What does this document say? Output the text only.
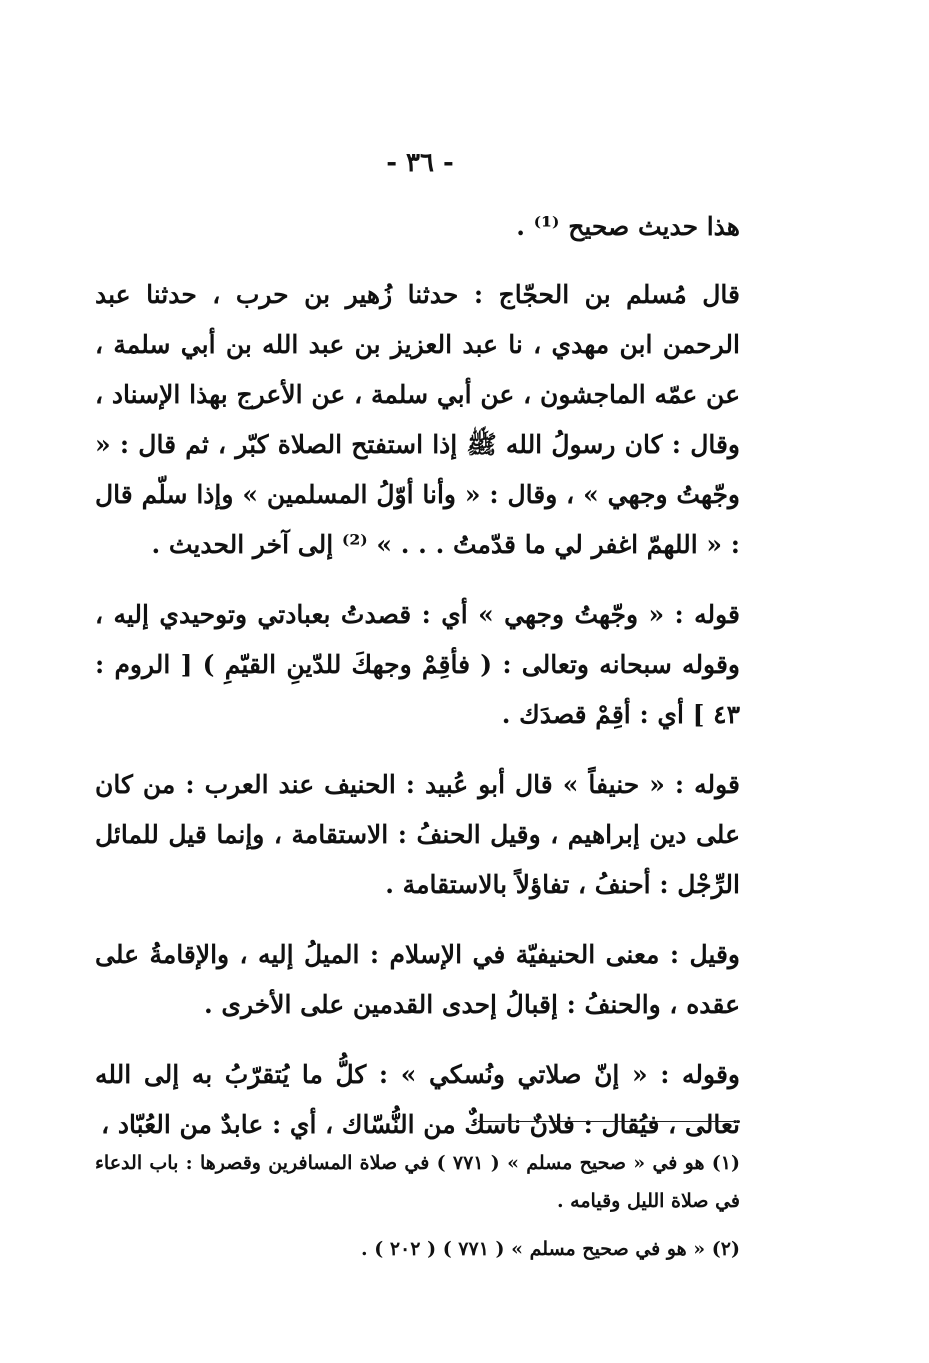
- ٣٦ -

هذا حديث صحيح ⁽¹⁾ .

قال مُسلم بن الحجّاج : حدثنا زُهير بن حرب ، حدثنا عبد الرحمن ابن مهدي ، نا عبد العزيز بن عبد الله بن أبي سلمة ، عن عمّه الماجشون ، عن أبي سلمة ، عن الأعرج بهذا الإسناد ، وقال : كان رسولُ الله ﷺ إذا استفتح الصلاة كبّر ، ثم قال : « وجّهتُ وجهي » ، وقال : « وأنا أوّلُ المسلمين » وإذا سلّم قال : « اللهمّ اغفر لي ما قدّمتُ . . . » ⁽²⁾ إلى آخر الحديث .

قوله : « وجّهتُ وجهي » أي : قصدتُ بعبادتي وتوحيدي إليه ، وقوله سبحانه وتعالى : ( فأقِمْ وجهكَ للدّينِ القيّمِ ) [ الروم : ٤٣ ] أي : أقِمْ قصدَك .

قوله : « حنيفاً » قال أبو عُبيد : الحنيف عند العرب : من كان على دين إبراهيم ، وقيل الحنفُ : الاستقامة ، وإنما قيل للمائل الرِّجْل : أحنفُ ، تفاؤلاً بالاستقامة .

وقيل : معنى الحنيفيّة في الإسلام : الميلُ إليه ، والإقامةُ على عقده ، والحنفُ : إقبالُ إحدى القدمين على الأخرى .

وقوله : « إنّ صلاتي ونُسكي » : كلُّ ما يُتقرّبُ به إلى الله تعالى ، فيُقال : فلانٌ ناسكٌ من النُّسّاك ، أي : عابدٌ من العُبّاد ،

(١) هو في « صحيح مسلم » ( ٧٧١ ) في صلاة المسافرين وقصرها : باب الدعاء في صلاة الليل وقيامه .

(٢) « هو في صحيح مسلم » ( ٧٧١ ) ( ٢٠٢ ) .
